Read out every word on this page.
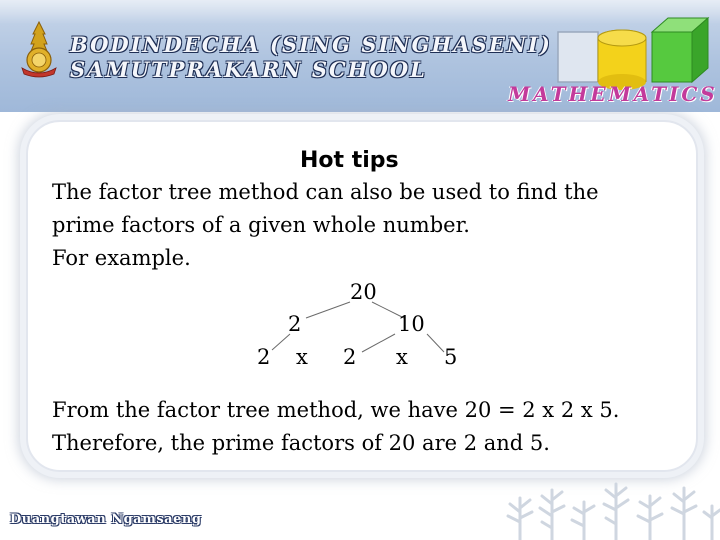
BODINDECHA (SING SINGHASENI)
SAMUTPRAKARN SCHOOL
MATHEMATICS
Hot tips
The factor tree method can also be used to find the
prime factors of a given whole number.
For example.
20
2	10
2 x 2 x 5
From the factor tree method, we have 20 = 2 x 2 x 5.
Therefore, the prime factors of 20 are 2 and 5.
Duangtawan Ngamsaeng
